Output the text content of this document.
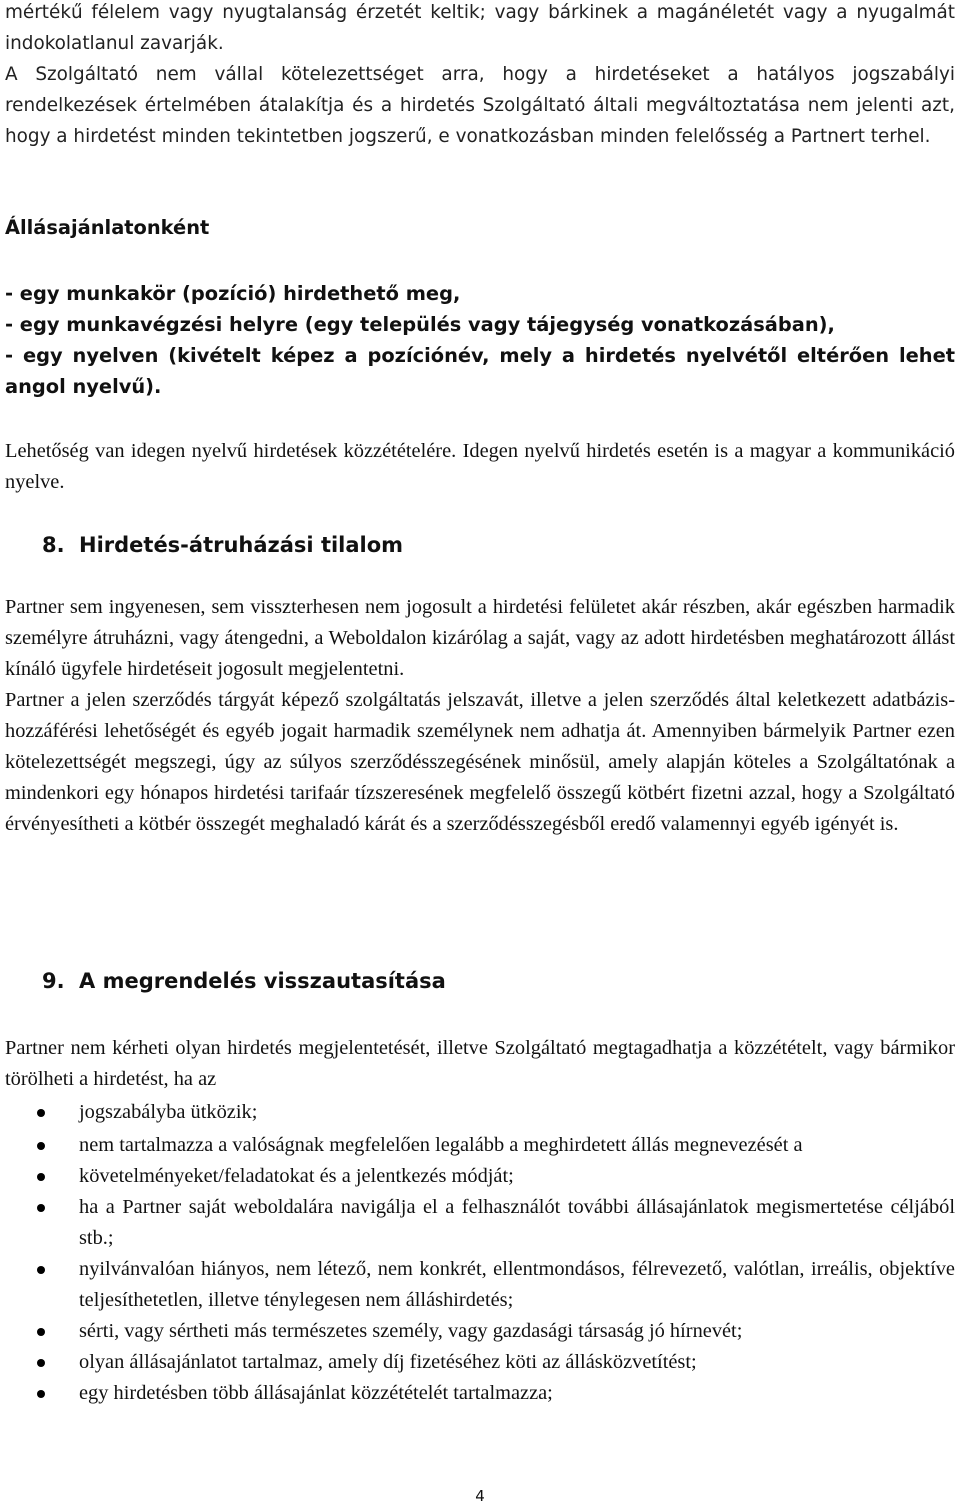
mértékű félelem vagy nyugtalanság érzetét keltik; vagy bárkinek a magánéletét vagy a nyugalmát indokolatlanul zavarják.

A Szolgáltató nem vállal kötelezettséget arra, hogy a hirdetéseket a hatályos jogszabályi rendelkezések értelmében átalakítja és a hirdetés Szolgáltató általi megváltoztatása nem jelenti azt, hogy a hirdetést minden tekintetben jogszerű, e vonatkozásban minden felelősség a Partnert terhel.

Állásajánlatonként

- egy munkakör (pozíció) hirdethető meg,

- egy munkavégzési helyre (egy település vagy tájegység vonatkozásában),

- egy nyelven (kivételt képez a pozíciónév, mely a hirdetés nyelvétől eltérően lehet angol nyelvű).

Lehetőség van idegen nyelvű hirdetések közzétételére. Idegen nyelvű hirdetés esetén is a magyar a kommunikáció nyelve.

8. Hirdetés-átruházási tilalom

Partner sem ingyenesen, sem visszterhesen nem jogosult a hirdetési felületet akár részben, akár egészben harmadik személyre átruházni, vagy átengedni, a Weboldalon kizárólag a saját, vagy az adott hirdetésben meghatározott állást kínáló ügyfele hirdetéseit jogosult megjelentetni.

Partner a jelen szerződés tárgyát képező szolgáltatás jelszavát, illetve a jelen szerződés által keletkezett adatbázis-hozzáférési lehetőségét és egyéb jogait harmadik személynek nem adhatja át. Amennyiben bármelyik Partner ezen kötelezettségét megszegi, úgy az súlyos szerződésszegésének minősül, amely alapján köteles a Szolgáltatónak a mindenkori egy hónapos hirdetési tarifaár tízszeresének megfelelő összegű kötbért fizetni azzal, hogy a Szolgáltató érvényesítheti a kötbér összegét meghaladó kárát és a szerződésszegésből eredő valamennyi egyéb igényét is.

9. A megrendelés visszautasítása

Partner nem kérheti olyan hirdetés megjelentetését, illetve Szolgáltató megtagadhatja a közzétételt, vagy bármikor törölheti a hirdetést, ha az

jogszabályba ütközik;
nem tartalmazza a valóságnak megfelelően legalább a meghirdetett állás megnevezését a
követelményeket/feladatokat és a jelentkezés módját;
ha a Partner saját weboldalára navigálja el a felhasználót további állásajánlatok megismertetése céljából stb.;
nyilvánvalóan hiányos, nem létező, nem konkrét, ellentmondásos, félrevezető, valótlan, irreális, objektíve teljesíthetetlen, illetve ténylegesen nem álláshirdetés;
sérti, vagy sértheti más természetes személy, vagy gazdasági társaság jó hírnevét;
olyan állásajánlatot tartalmaz, amely díj fizetéséhez köti az állásközvetítést;
egy hirdetésben több állásajánlat közzétételét tartalmazza;
4
